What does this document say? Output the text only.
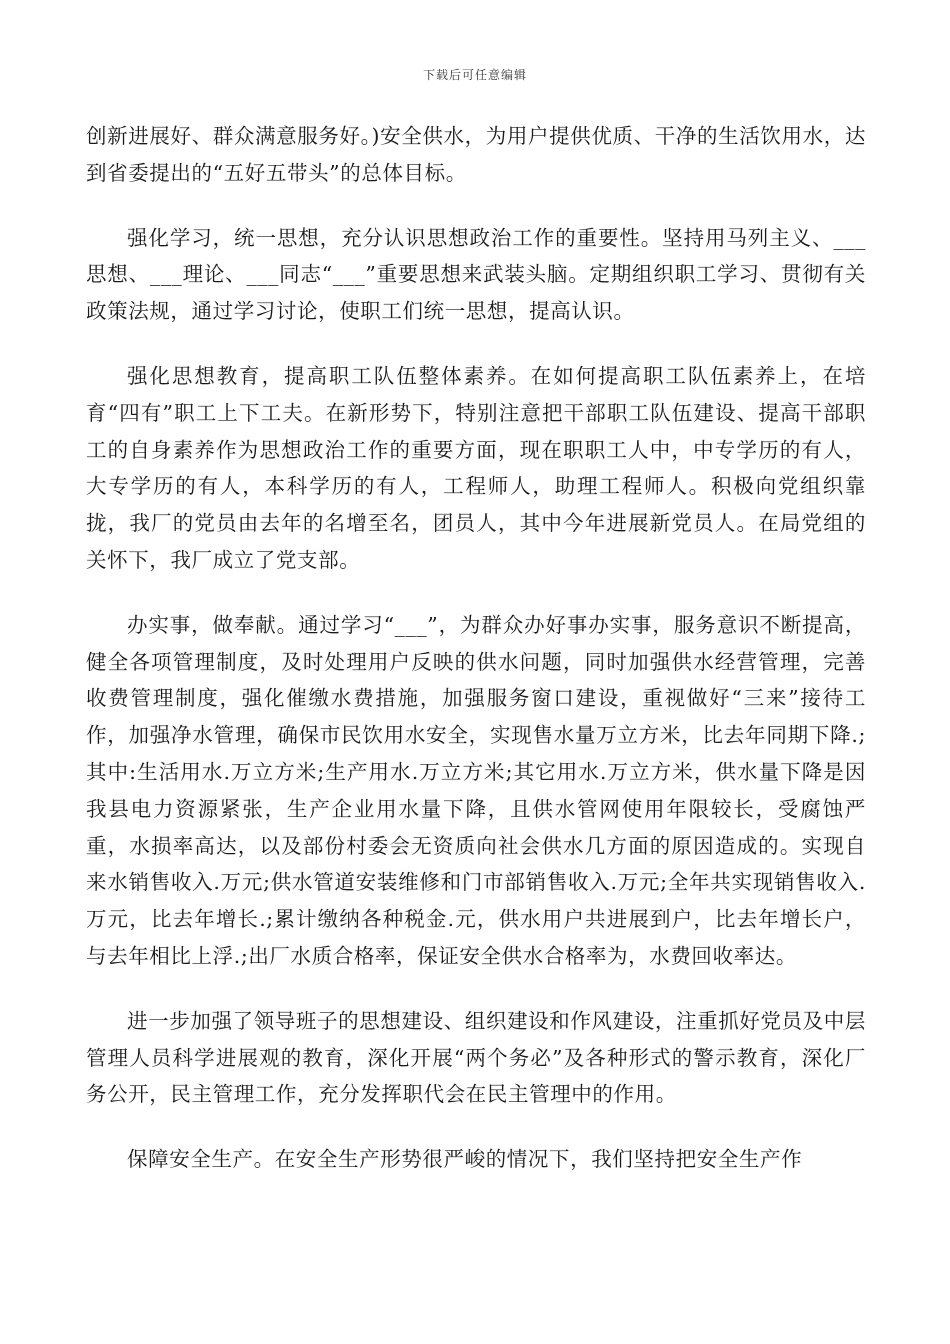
下载后可任意编辑

创新进展好、群众满意服务好。)安全供水，为用户提供优质、干净的生活饮用水，达到省委提出的“五好五带头”的总体目标。

强化学习，统一思想，充分认识思想政治工作的重要性。坚持用马列主义、___思想、___理论、___同志“___”重要思想来武装头脑。定期组织职工学习、贯彻有关政策法规，通过学习讨论，使职工们统一思想，提高认识。

强化思想教育，提高职工队伍整体素养。在如何提高职工队伍素养上，在培育“四有”职工上下工夫。在新形势下，特别注意把干部职工队伍建设、提高干部职工的自身素养作为思想政治工作的重要方面，现在职职工人中，中专学历的有人，大专学历的有人，本科学历的有人，工程师人，助理工程师人。积极向党组织靠拢，我厂的党员由去年的名增至名，团员人，其中今年进展新党员人。在局党组的关怀下，我厂成立了党支部。

办实事，做奉献。通过学习“___”，为群众办好事办实事，服务意识不断提高，健全各项管理制度，及时处理用户反映的供水问题，同时加强供水经营管理，完善收费管理制度，强化催缴水费措施，加强服务窗口建设，重视做好“三来”接待工作，加强净水管理，确保市民饮用水安全，实现售水量万立方米，比去年同期下降.;其中:生活用水.万立方米;生产用水.万立方米;其它用水.万立方米，供水量下降是因我县电力资源紧张，生产企业用水量下降，且供水管网使用年限较长，受腐蚀严重，水损率高达，以及部份村委会无资质向社会供水几方面的原因造成的。实现自来水销售收入.万元;供水管道安装维修和门市部销售收入.万元;全年共实现销售收入.万元，比去年增长.;累计缴纳各种税金.元，供水用户共进展到户，比去年增长户，与去年相比上浮.;出厂水质合格率，保证安全供水合格率为，水费回收率达。

进一步加强了领导班子的思想建设、组织建设和作风建设，注重抓好党员及中层管理人员科学进展观的教育，深化开展“两个务必”及各种形式的警示教育，深化厂务公开，民主管理工作，充分发挥职代会在民主管理中的作用。

保障安全生产。在安全生产形势很严峻的情况下，我们坚持把安全生产作
